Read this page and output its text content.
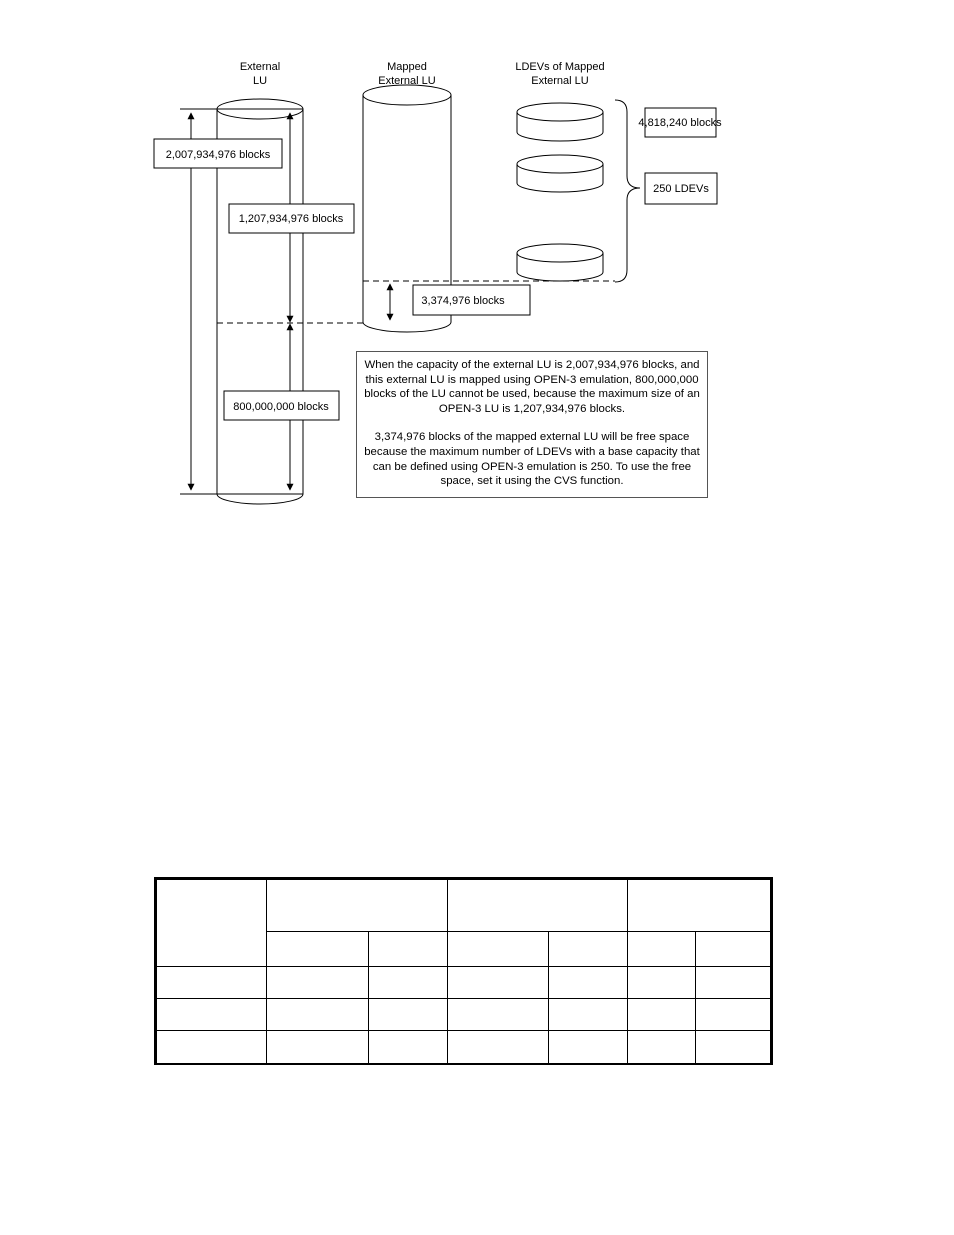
External
LU
Mapped
External LU
LDEVs of Mapped
External LU
2,007,934,976 blocks
1,207,934,976 blocks
800,000,000 blocks
3,374,976 blocks
4,818,240 blocks
250 LDEVs

When the capacity of the external LU is 2,007,934,976 blocks, and this external LU is mapped using OPEN-3 emulation, 800,000,000 blocks of the LU cannot be used, because the maximum size of an OPEN-3 LU is 1,207,934,976 blocks.

3,374,976 blocks of the mapped external LU will be free space because the maximum number of LDEVs with a base capacity that can be defined using OPEN-3 emulation is 250. To use the free space, set it using the CVS function.
